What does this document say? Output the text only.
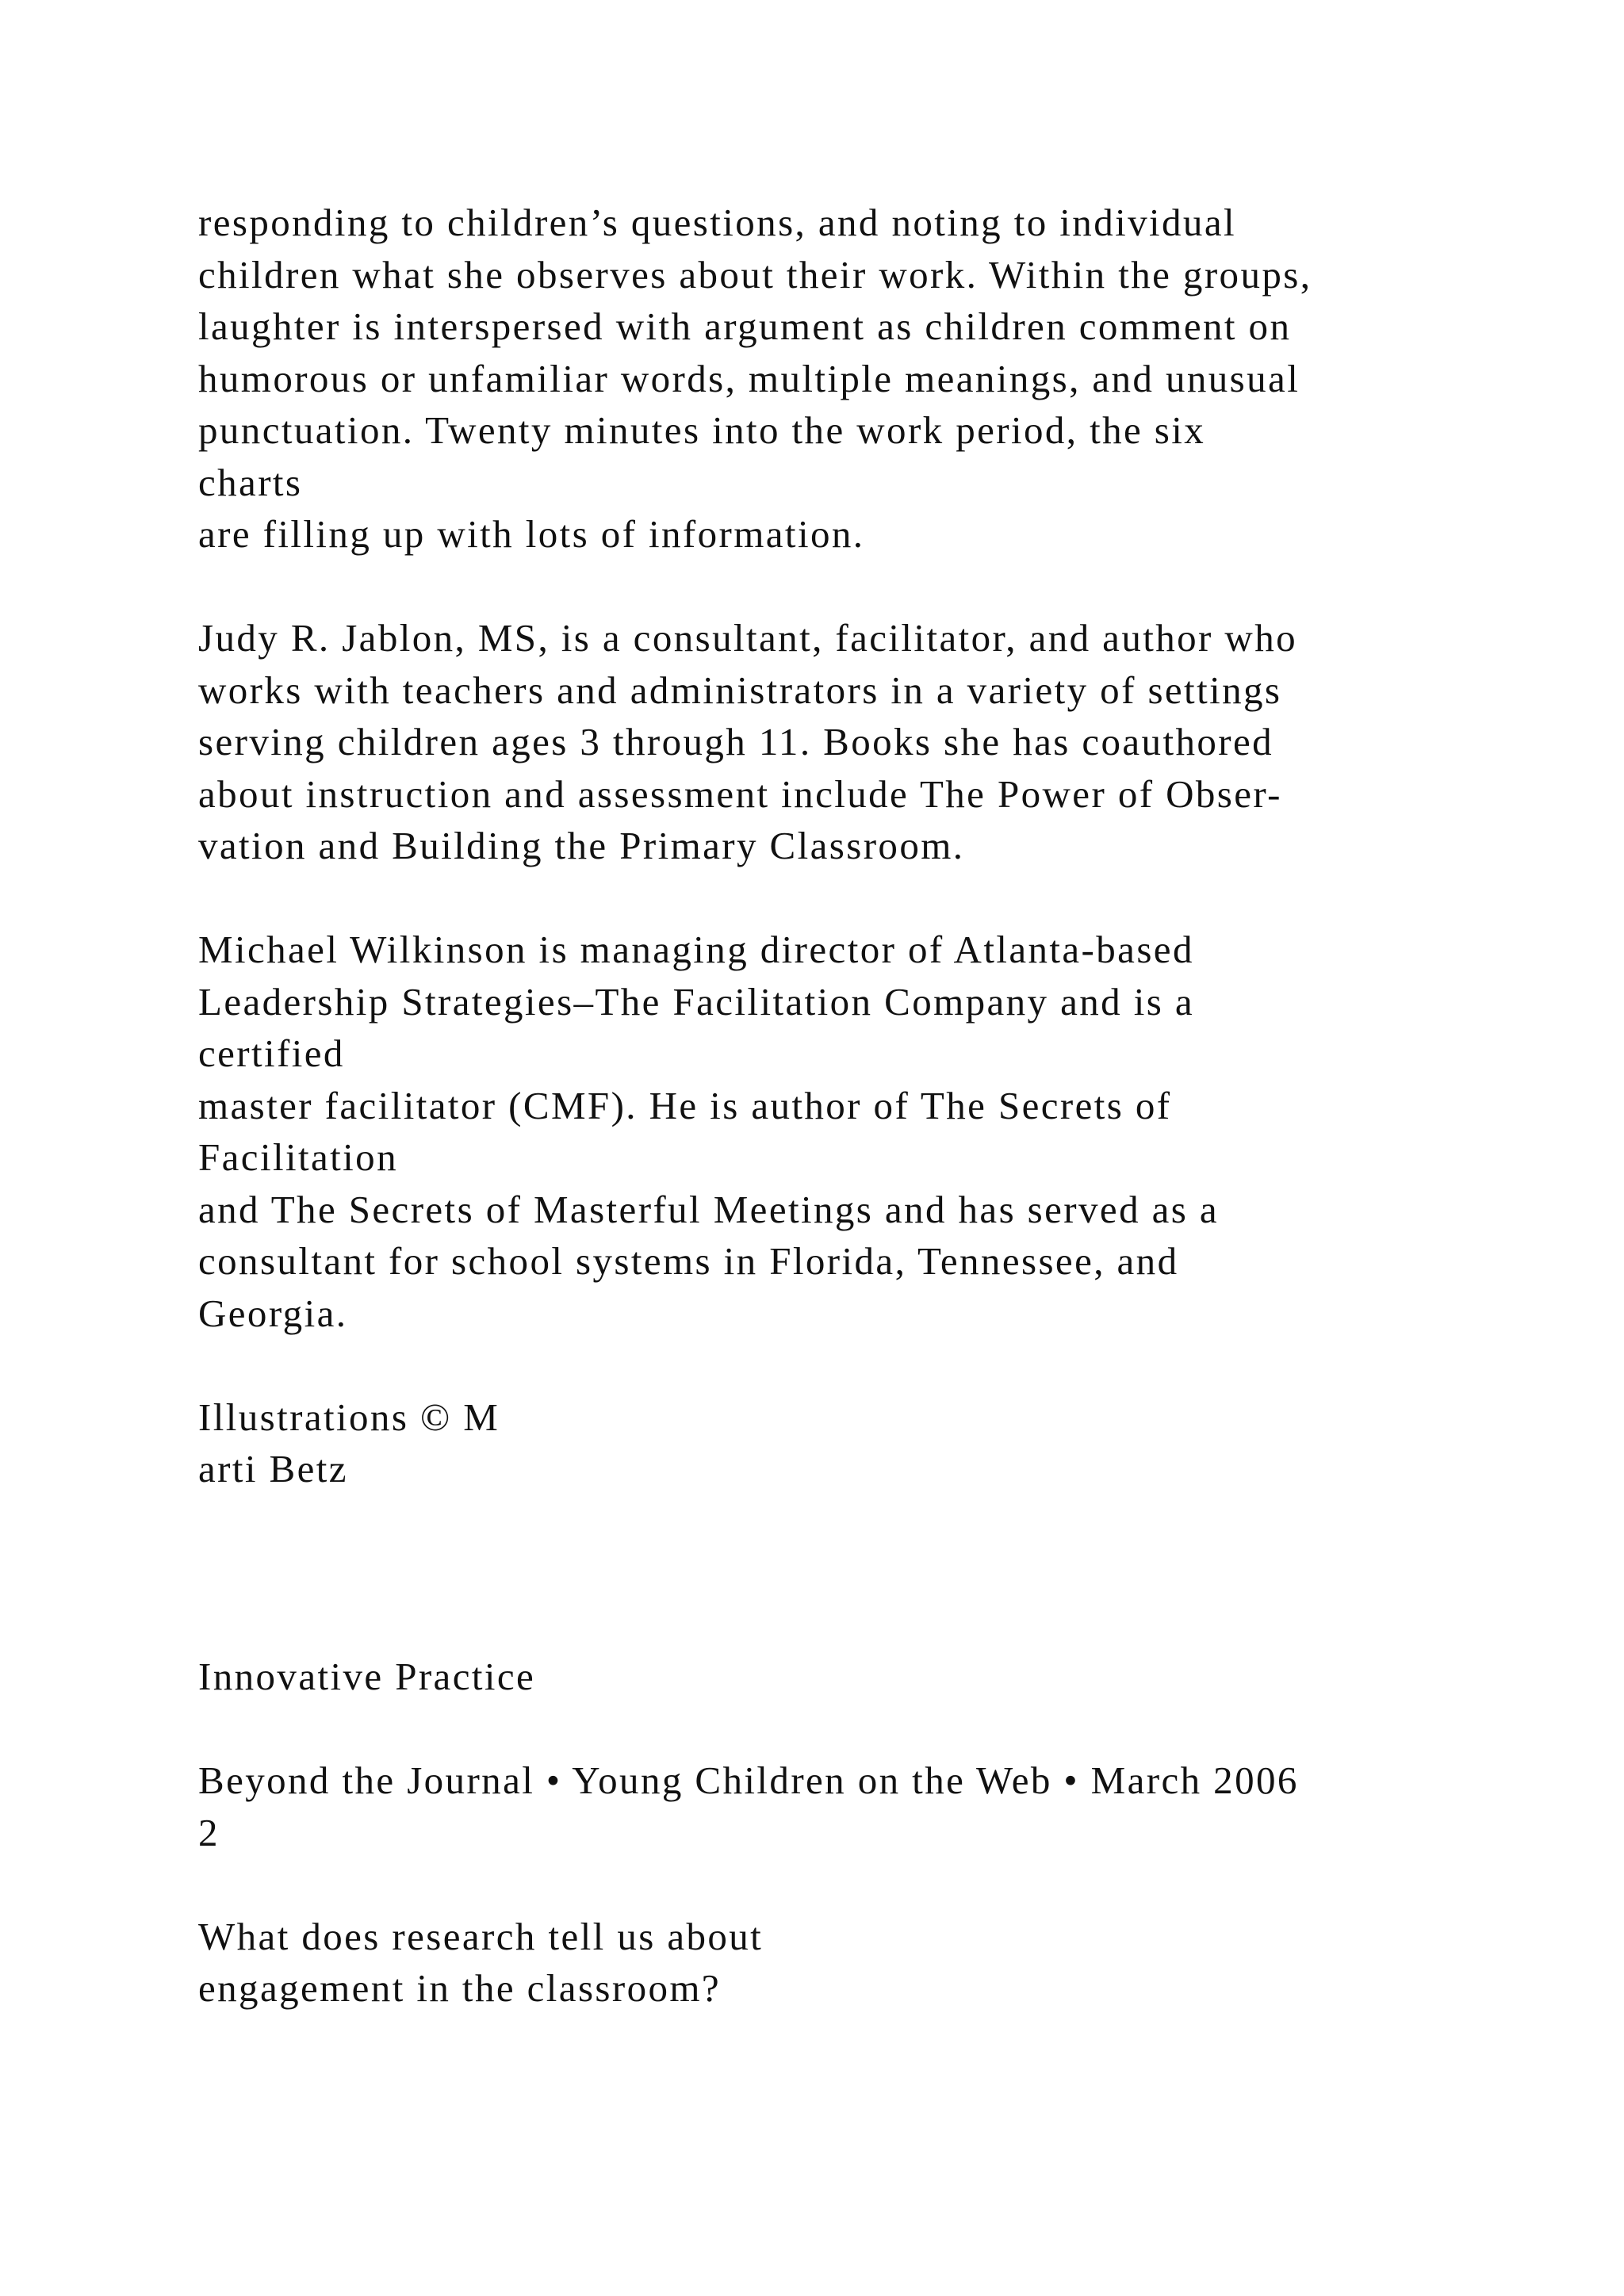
responding to children’s questions, and noting to individual
children what she observes about their work. Within the groups,
laughter is interspersed with argument as children comment on
humorous or unfamiliar words, multiple meanings, and unusual
punctuation. Twenty minutes into the work period, the six
charts
are filling up with lots of information.
Judy R. Jablon, MS, is a consultant, facilitator, and author who
works with teachers and administrators in a variety of settings
serving children ages 3 through 11. Books she has coauthored
about instruction and assessment include The Power of Obser-
vation and Building the Primary Classroom.
Michael Wilkinson is managing director of Atlanta-based
Leadership Strategies–The Facilitation Company and is a
certified
master facilitator (CMF). He is author of The Secrets of
Facilitation
and The Secrets of Masterful Meetings and has served as a
consultant for school systems in Florida, Tennessee, and
Georgia.
Illustrations © M
arti Betz
Innovative Practice
Beyond the Journal • Young Children on the Web • March 2006
2
What does research tell us about
engagement in the classroom?
